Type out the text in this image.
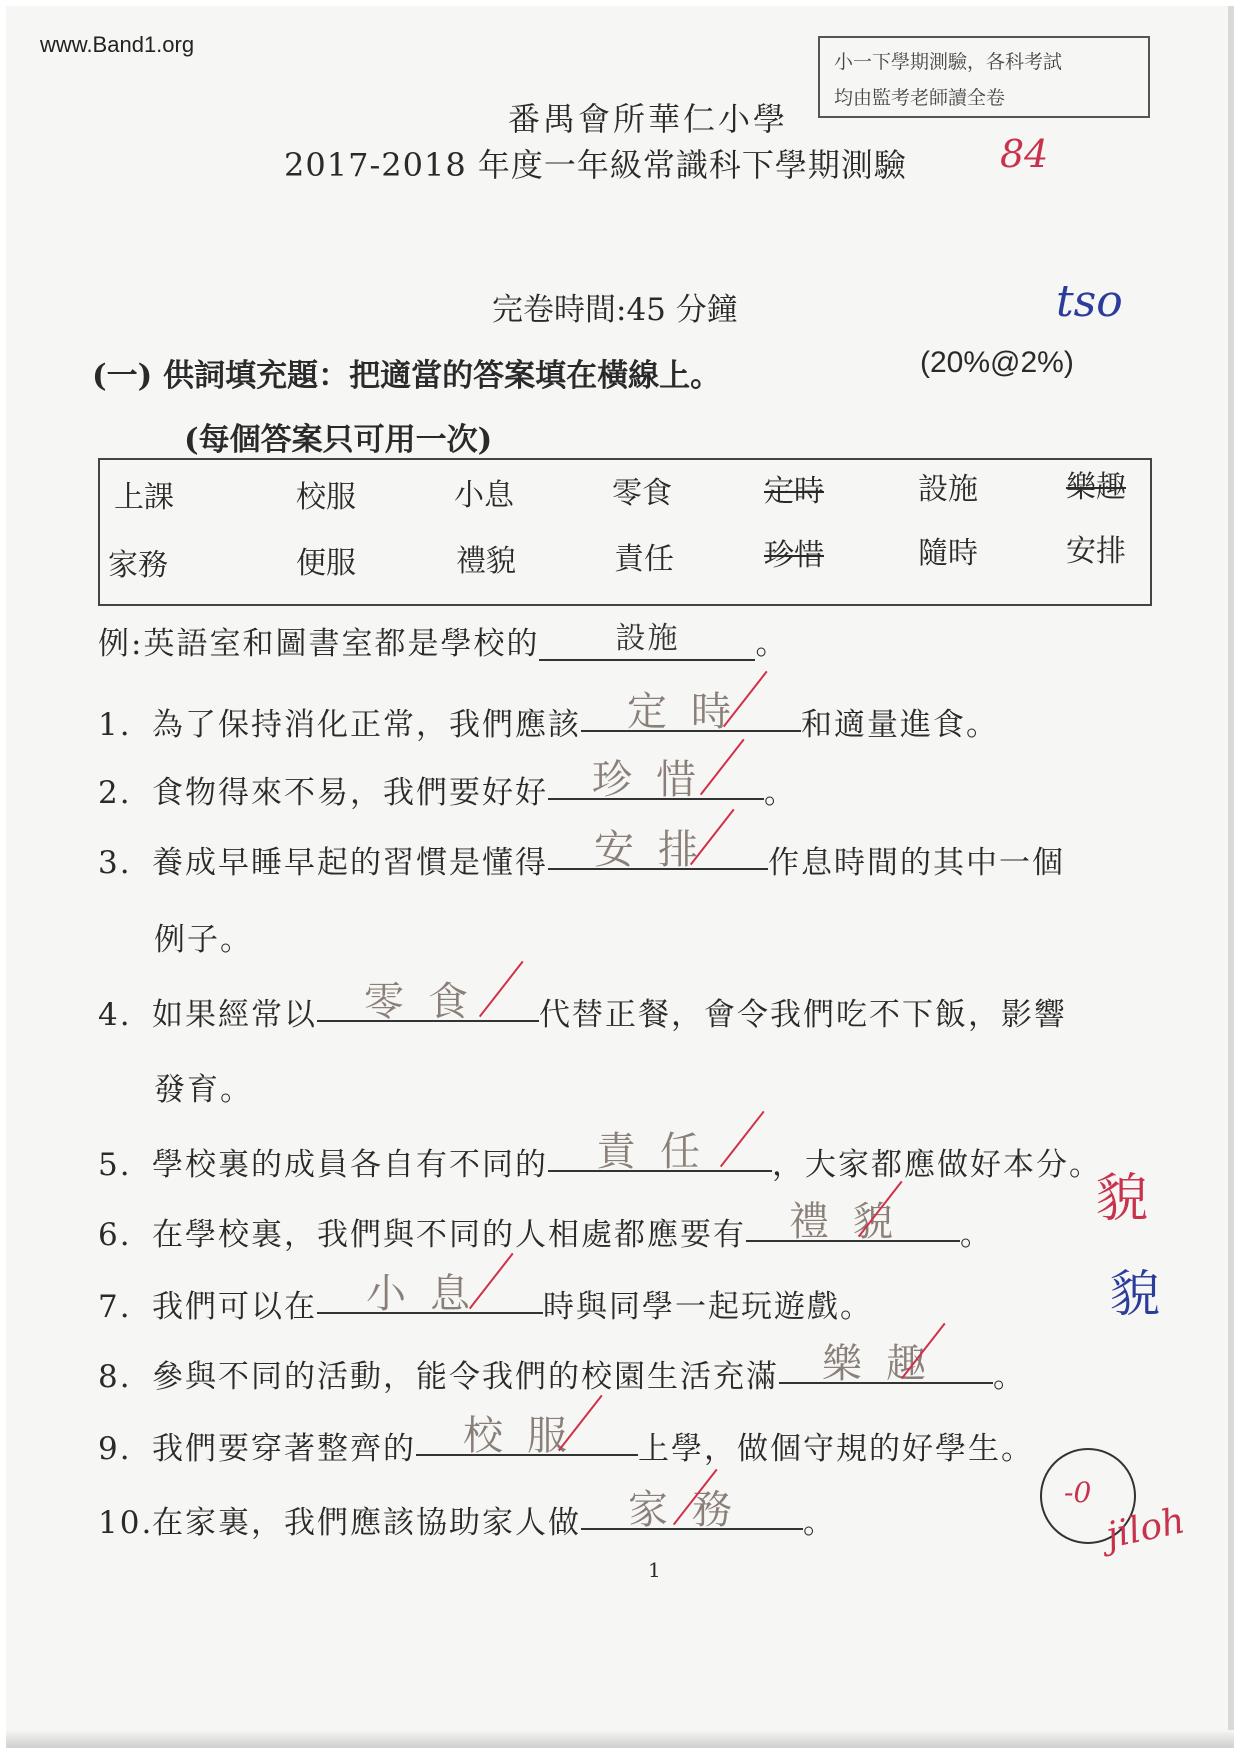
www.Band1.org
小一下學期測驗，各科考試
均由監考老師讀全卷
番禺會所華仁小學
2017-2018 年度一年級常識科下學期測驗 84
完卷時間:45 分鐘	tso
(一) 供詞填充題：把適當的答案填在橫線上。	(20%@2%)
(每個答案只可用一次)
上課	校服	小息	零食	定時	設施	樂趣
家務	便服	禮貌	責任	珍惜	隨時	安排
例:英語室和圖書室都是學校的	設施 。
1. 為了保持消化正常，我們應該 定時 和適量進食。
2. 食物得來不易，我們要好好 珍惜 。
3. 養成早睡早起的習慣是懂得 安排 作息時間的其中一個
例子。
4. 如果經常以 零食 代替正餐，會令我們吃不下飯，影響
發育。
5. 學校裏的成員各自有不同的 責任 ，大家都應做好本分。
6. 在學校裏，我們與不同的人相處都應要有 禮貌 。
貌
7. 我們可以在 小息 時與同學一起玩遊戲。	貌
8. 參與不同的活動，能令我們的校園生活充滿 樂趣 。
9. 我們要穿著整齊的 校服 上學，做個守規的好學生。
10.在家裏，我們應該協助家人做 家務 。
-0
jiloh
1
